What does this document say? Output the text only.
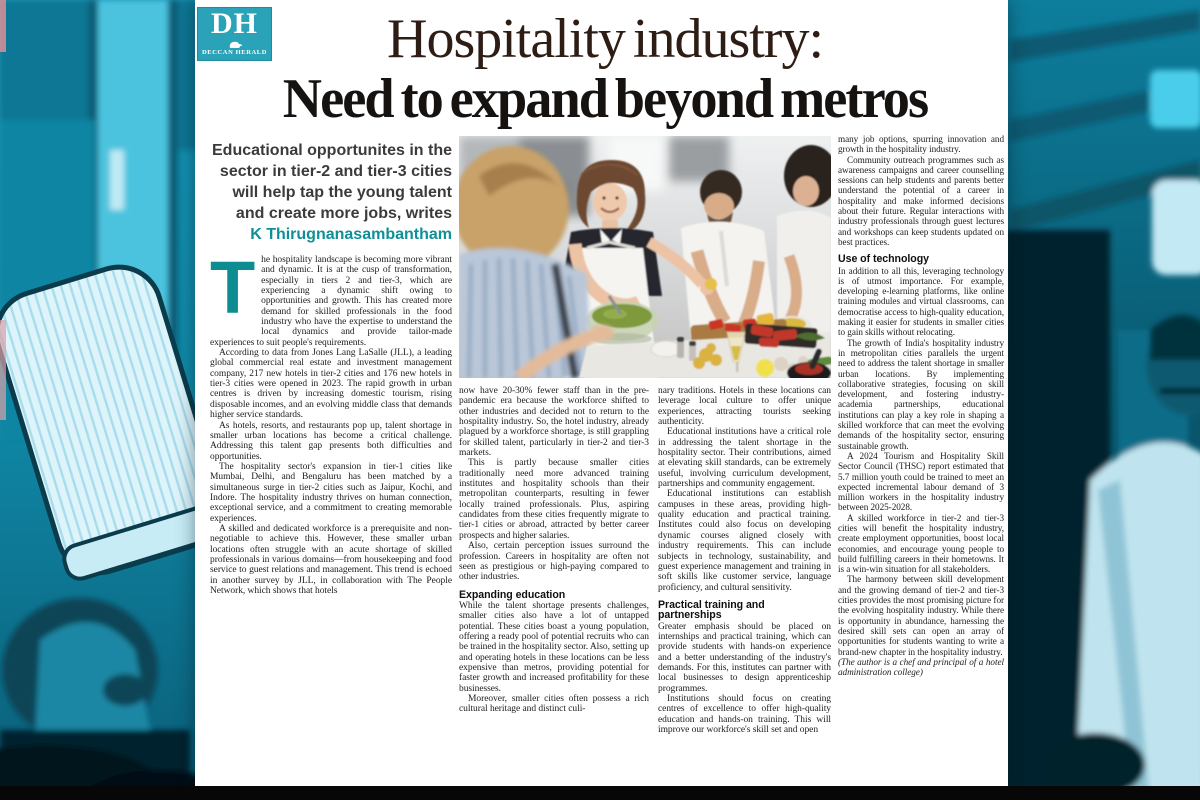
DH
DECCAN HERALD	Hospitality industry:
Need to expand beyond metros

Educational opportunites in the sector in tier-2 and tier-3 cities will help tap the young talent and create more jobs, writes
K Thirugnanasambantham

The hospitality landscape is becoming more vibrant and dynamic. It is at the cusp of transformation, especially in tiers 2 and tier-3, which are experiencing a dynamic shift owing to opportunities and growth. This has created more demand for skilled professionals in the food industry who have the expertise to understand the local dynamics and provide tailor-made experiences to suit people's requirements.

According to data from Jones Lang LaSalle (JLL), a leading global commercial real estate and investment management company, 217 new hotels in tier-2 cities and 176 new hotels in tier-3 cities were opened in 2023. The rapid growth in urban centres is driven by increasing domestic tourism, rising disposable incomes, and an evolving middle class that demands higher service standards.

As hotels, resorts, and restaurants pop up, talent shortage in smaller urban locations has become a critical challenge. Addressing this talent gap presents both difficulties and opportunities.

The hospitality sector's expansion in tier-1 cities like Mumbai, Delhi, and Bengaluru has been matched by a simultaneous surge in tier-2 cities such as Jaipur, Kochi, and Indore. The hospitality industry thrives on human connection, exceptional service, and a commitment to creating memorable experiences.

A skilled and dedicated workforce is a prerequisite and non-negotiable to achieve this. However, these smaller urban locations often struggle with an acute shortage of skilled professionals in various domains—from housekeeping and food service to guest relations and management. This trend is echoed in another survey by JLL, in collaboration with The People Network, which shows that hotels

now have 20-30% fewer staff than in the pre-pandemic era because the workforce shifted to other industries and decided not to return to the hospitality industry. So, the hotel industry, already plagued by a workforce shortage, is still grappling for skilled talent, particularly in tier-2 and tier-3 markets.

This is partly because smaller cities traditionally need more advanced training institutes and hospitality schools than their metropolitan counterparts, resulting in fewer locally trained professionals. Plus, aspiring candidates from these cities frequently migrate to tier-1 cities or abroad, attracted by better career prospects and higher salaries.

Also, certain perception issues surround the profession. Careers in hospitality are often not seen as prestigious or high-paying compared to other industries.

Expanding education

While the talent shortage presents challenges, smaller cities also have a lot of untapped potential. These cities boast a young population, offering a ready pool of potential recruits who can be trained in the hospitality sector. Also, setting up and operating hotels in these locations can be less expensive than metros, providing potential for faster growth and increased profitability for these businesses.

Moreover, smaller cities often possess a rich cultural heritage and distinct culi-

nary traditions. Hotels in these locations can leverage local culture to offer unique experiences, attracting tourists seeking authenticity.

Educational institutions have a critical role in addressing the talent shortage in the hospitality sector. Their contributions, aimed at elevating skill standards, can be extremely useful, involving curriculum development, partnerships and community engagement.

Educational institutions can establish campuses in these areas, providing high-quality education and practical training. Institutes could also focus on developing dynamic courses aligned closely with industry requirements. This can include subjects in technology, sustainability, and guest experience management and training in soft skills like customer service, language proficiency, and cultural sensitivity.

Practical training and partnerships

Greater emphasis should be placed on internships and practical training, which can provide students with hands-on experience and a better understanding of the industry's demands. For this, institutes can partner with local businesses to design apprenticeship programmes.

Institutions should focus on creating centres of excellence to offer high-quality education and hands-on training. This will improve our workforce's skill set and open

many job options, spurring innovation and growth in the hospitality industry.

Community outreach programmes such as awareness campaigns and career counselling sessions can help students and parents better understand the potential of a career in hospitality and make informed decisions about their future. Regular interactions with industry professionals through guest lectures and workshops can keep students updated on best practices.

Use of technology

In addition to all this, leveraging technology is of utmost importance. For example, developing e-learning platforms, like online training modules and virtual classrooms, can democratise access to high-quality education, making it easier for students in smaller cities to gain skills without relocating.

The growth of India's hospitality industry in metropolitan cities parallels the urgent need to address the talent shortage in smaller urban locations. By implementing collaborative strategies, focusing on skill development, and fostering industry-academia partnerships, educational institutions can play a key role in shaping a skilled workforce that can meet the evolving demands of the hospitality sector, ensuring sustainable growth.

A 2024 Tourism and Hospitality Skill Sector Council (THSC) report estimated that 5.7 million youth could be trained to meet an expected incremental labour demand of 3 million workers in the hospitality industry between 2025-2028.

A skilled workforce in tier-2 and tier-3 cities will benefit the hospitality industry, create employment opportunities, boost local economies, and encourage young people to build fulfilling careers in their hometowns. It is a win-win situation for all stakeholders.

The harmony between skill development and the growing demand of tier-2 and tier-3 cities provides the most promising picture for the evolving hospitality industry. While there is opportunity in abundance, harnessing the desired skill sets can open an array of opportunities for students wanting to write a brand-new chapter in the hospitality industry.

(The author is a chef and principal of a hotel administration college)
